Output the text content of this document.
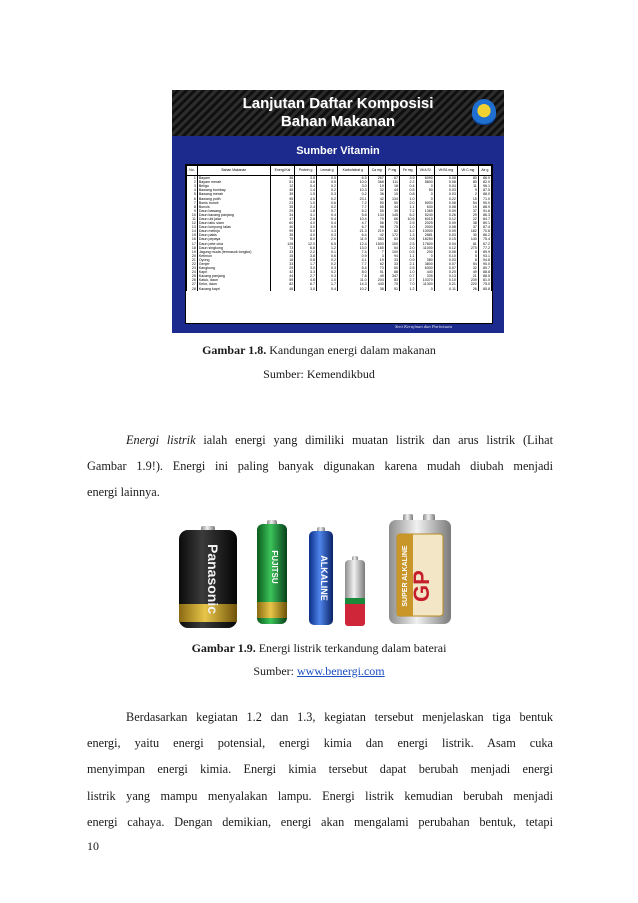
Lanjutan Daftar Komposisi
Bahan Makanan
Sumber Vitamin
No.	Bahan Makanan	Energi Kal	Protein g	Lemak g	Karbohidrat g	Ca mg	P mg	Fe mg	Vit A SI	Vit B1 mg	Vit C mg	Air g
1	Bayam	36	3.5	0.5	6.5	267	67	3.9	6090	0.08	80	86.9
2	Bayam merah	51	4.6	0.5	10.0	368	111	2.2	5800	0.08	80	82.0
3	Beligo	12	0.4	0.2	3.0	19	18	0.4	0	0.04	11	96.1
4	Bawang bombay	45	1.4	0.2	10.3	32	44	0.5	50	0.03	9	87.5
5	Bawang merah	39	1.5	0.3	0.2	36	10	0.8	0	0.03	2	88.0
6	Bawang putih	95	4.5	0.2	23.1	42	134	1.0	0	0.22	15	71.0
7	Bonis buncit	23	1.0	0.6	7.2	50	50	2.0	5000	0.08	54	90.0
8	Buncis	35	2.4	0.2	7.7	65	44	1.1	630	0.08	19	88.9
9	Daun bawang	29	1.8	0.7	5.2	55	39	7.2	1365	0.09	37	91.6
10	Daun kacang panjang	34	4.1	0.4	5.8	134	145	6.2	5240	0.26	29	86.3
11	Daun ubi jalar	47	2.8	0.4	10.4	79	66	10.6	6015	0.12	22	84.7
12	Daun labu siam	60	4.0	0.4	4.7	56	70	2.5	2025	0.09	38	89.1
13	Daun lompong talas	40	3.0	0.9	6.7	98	75	1.0	2000	0.08	37	87.4
14	Daun melinjo	99	5.0	1.3	21.3	219	82	4.2	10000	0.09	182	70.8
15	Daun pakis	35	4.0	0.3	6.4	42	172	1.3	2881	0.03	30	86.2
16	Daun pepaya	79	8.0	2.0	11.9	353	63	0.8	18250	0.15	140	75.4
17	Daun pete cina	128	12.0	6.5	12.4	1500	100	2.5	17600	0.04	81	67.2
18	Daun singkong	73	6.8	1.2	13.0	165	54	2.0	11000	0.12	275	77.2
19	Jagung muda (termasuk tongkol)	33	2.2	0.1	7.4	7	100	0.5	200	0.08	8	89.9
20	Ketimun	15	3.8	0.6	0.9	3	94	1.1	0	0.10	5	93.1
21	Oyong	18	0.8	0.2	4.1	19	33	0.9	380	0.03	8	94.8
22	Genjer	33	1.7	0.2	7.7	62	33	2.1	3800	0.07	54	90.0
23	Kangkung	29	3.0	0.3	5.4	73	50	2.5	6300	0.07	32	89.7
24	Kapri	42	3.3	0.2	8.0	51	88	1.0	440	0.20	49	88.8
25	Kacang panjang	44	2.7	0.3	7.8	49	347	0.7	335	0.13	21	88.5
26	Katuk, daun	59	4.8	1.0	11.0	204	83	2.7	10370	0.10	239	81.0
27	Kelor, daun	82	6.7	1.7	14.3	440	70	7.0	11300	0.21	220	75.0
28	Kacang kapri	48	3.0	0.4	10.2	38	51	1.2	0	0.11	26	85.8
Seni Kerajinan dan Pariwisata
Gambar 1.8. Kandungan energi dalam makanan
Sumber: Kemendikbud
Energi listrik ialah energi yang dimiliki muatan listrik dan arus listrik (Lihat
Gambar 1.9!). Energi ini paling banyak digunakan karena mudah diubah menjadi
energi lainnya.
Panasonic	FUJITSU	ALKALINE	SUPER ALKALINE GP
Gambar 1.9. Energi listrik terkandung dalam baterai
Sumber: www.benergi.com
Berdasarkan kegiatan 1.2 dan 1.3, kegiatan tersebut menjelaskan tiga bentuk
energi, yaitu energi potensial, energi kimia dan energi listrik. Asam cuka
menyimpan energi kimia. Energi kimia tersebut dapat berubah menjadi energi
listrik yang mampu menyalakan lampu. Energi listrik kemudian berubah menjadi
energi cahaya. Dengan demikian, energi akan mengalami perubahan bentuk, tetapi
10
